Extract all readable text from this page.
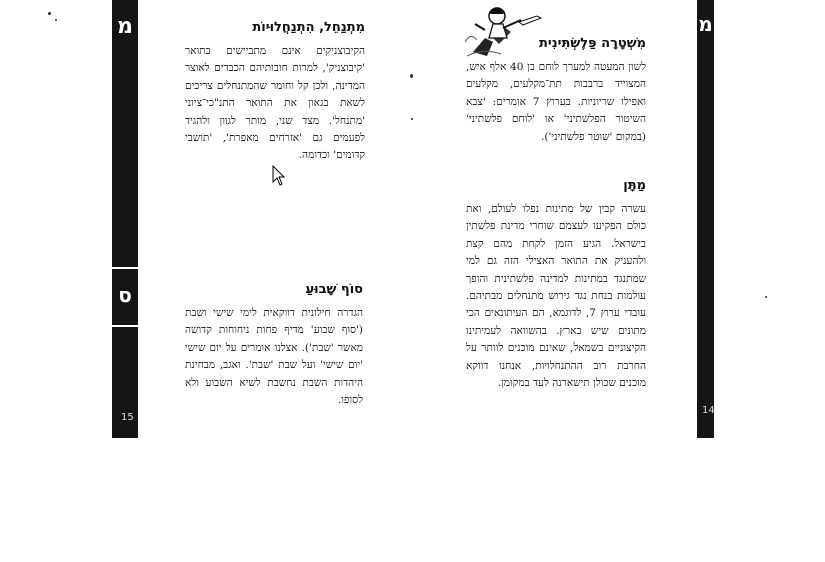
מ
ס
מ
15
14
מִתְנַחֵל, הִתְנַחֲלוּיוֹת

הקיבוצניקים אינם מתביישים בתואר 'קיבוצניק', למרות חובותיהם הכבדים לאוצר המדינה, ולכן קל וחומר שהמתנחלים צריכים לשאת בגאון את התואר התנ"כי־ציוני 'מתנחל'. מצד שני, מותר לגוון ולהגיד לפעמים גם 'אזרחים מאפרת', 'תושבי קדומים' וכדומה.

סוֹף שָׁבוּעַ

הגדרה חילונית דווקאית לימי שישי ושבת ('סוף שבוע' מדיף פחות ניחוחות קדושה מאשר 'שבת'). אצלנו אומרים על יום שישי 'יום שישי' ועל שבת 'שבת'. ואגב, מבחינת היהדות השבת נחשבת לשיא השבוע ולא לסופו.

מִשְׁטָרָה פַּלֶשְׂתִּינִית

לשון המעטה למערך לוחם בן 40 אלף איש, המצוייד ברבבות תת־מקלעים, מקלעים ואפילו שריוניות. בערוץ 7 אומרים: 'צבא השיטור הפלשתיני' או 'לוחם פלשתיני' (במקום 'שוטר פלשתיני').

מַתָּן

עשרה קבין של מתינות נפלו לעולם, ואת כולם הפקיעו לעצמם שוחרי מדינת פלשתין בישראל. הגיע הזמן לקחת מהם קצת ולהעניק את התואר האצילי הזה גם למי שמתנגד במתינות למדינה פלשתינית והופך עולמות בנחת נגד גירוש מתנחלים מבתיהם. עובדי ערוץ 7, לדוגמא, הם העיתונאים הכי מתונים שיש בארץ. בהשוואה לעמיתינו הקיצוניים בשמאל, שאינם מוכנים לוותר על החרבת רוב ההתנחלויות, אנחנו דווקא מוכנים שכולן תישארנה לעד במקומן.
